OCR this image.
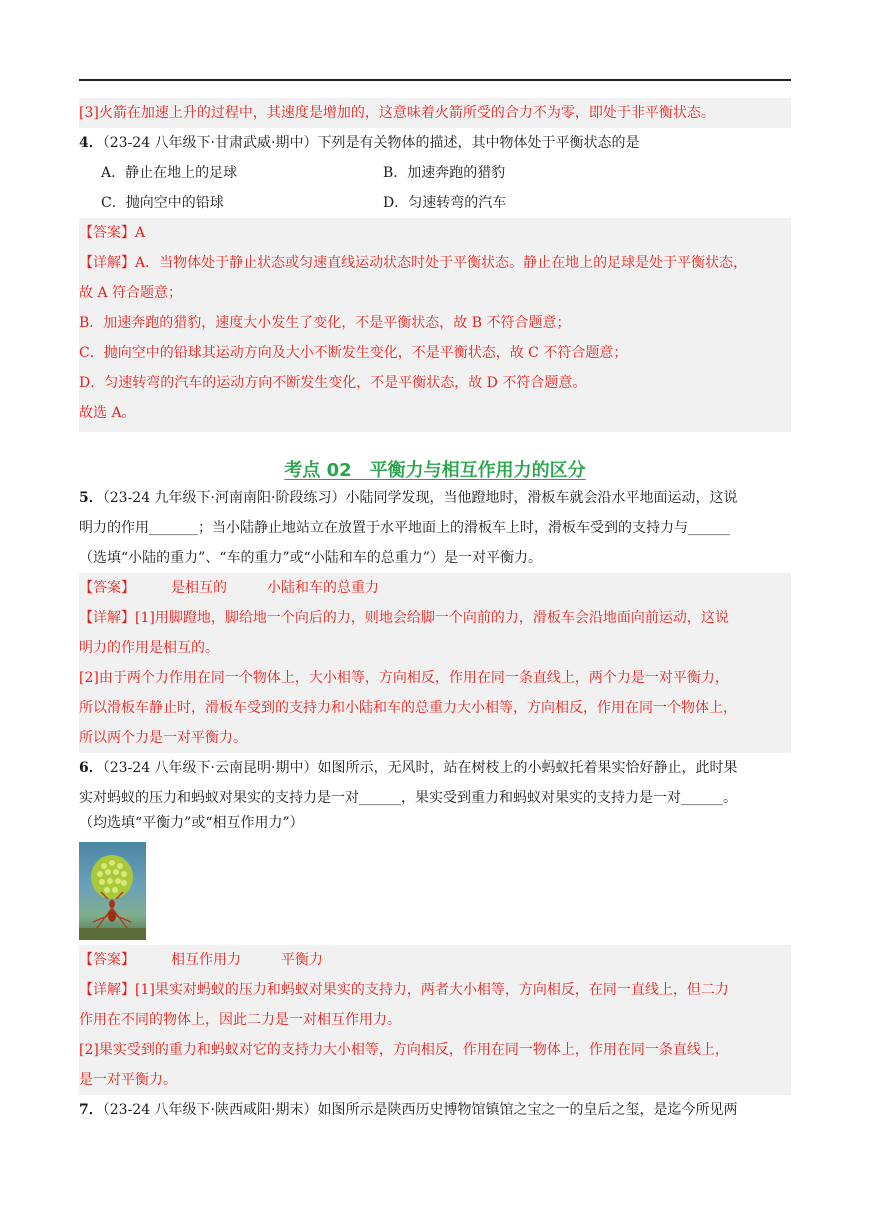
[3]火箭在加速上升的过程中，其速度是增加的，这意味着火箭所受的合力不为零，即处于非平衡状态。
4．（23-24 八年级下·甘肃武威·期中）下列是有关物体的描述，其中物体处于平衡状态的是
A．静止在地上的足球	B．加速奔跑的猎豹
C．抛向空中的铅球	D．匀速转弯的汽车
【答案】A
【详解】A．当物体处于静止状态或匀速直线运动状态时处于平衡状态。静止在地上的足球是处于平衡状态，
故 A 符合题意；
B．加速奔跑的猎豹，速度大小发生了变化，不是平衡状态，故 B 不符合题意；
C．抛向空中的铅球其运动方向及大小不断发生变化，不是平衡状态，故 C 不符合题意；
D．匀速转弯的汽车的运动方向不断发生变化，不是平衡状态，故 D 不符合题意。
故选 A。
考点 02　平衡力与相互作用力的区分
5．（23-24 九年级下·河南南阳·阶段练习）小陆同学发现，当他蹬地时，滑板车就会沿水平地面运动，这说
明力的作用_______；当小陆静止地站立在放置于水平地面上的滑板车上时，滑板车受到的支持力与______
（选填“小陆的重力”、“车的重力”或“小陆和车的总重力”）是一对平衡力。
【答案】	是相互的	小陆和车的总重力
【详解】[1]用脚蹬地，脚给地一个向后的力，则地会给脚一个向前的力，滑板车会沿地面向前运动，这说
明力的作用是相互的。
[2]由于两个力作用在同一个物体上，大小相等，方向相反，作用在同一条直线上，两个力是一对平衡力，
所以滑板车静止时，滑板车受到的支持力和小陆和车的总重力大小相等，方向相反，作用在同一个物体上，
所以两个力是一对平衡力。
6．（23-24 八年级下·云南昆明·期中）如图所示，无风时，站在树枝上的小蚂蚁托着果实恰好静止，此时果
实对蚂蚁的压力和蚂蚁对果实的支持力是一对______，果实受到重力和蚂蚁对果实的支持力是一对______。
（均选填“平衡力”或“相互作用力”）
【答案】	相互作用力	平衡力
【详解】[1]果实对蚂蚁的压力和蚂蚁对果实的支持力，两者大小相等，方向相反，在同一直线上，但二力
作用在不同的物体上，因此二力是一对相互作用力。
[2]果实受到的重力和蚂蚁对它的支持力大小相等，方向相反，作用在同一物体上，作用在同一条直线上，
是一对平衡力。
7．（23-24 八年级下·陕西咸阳·期末）如图所示是陕西历史博物馆镇馆之宝之一的皇后之玺，是迄今所见两
